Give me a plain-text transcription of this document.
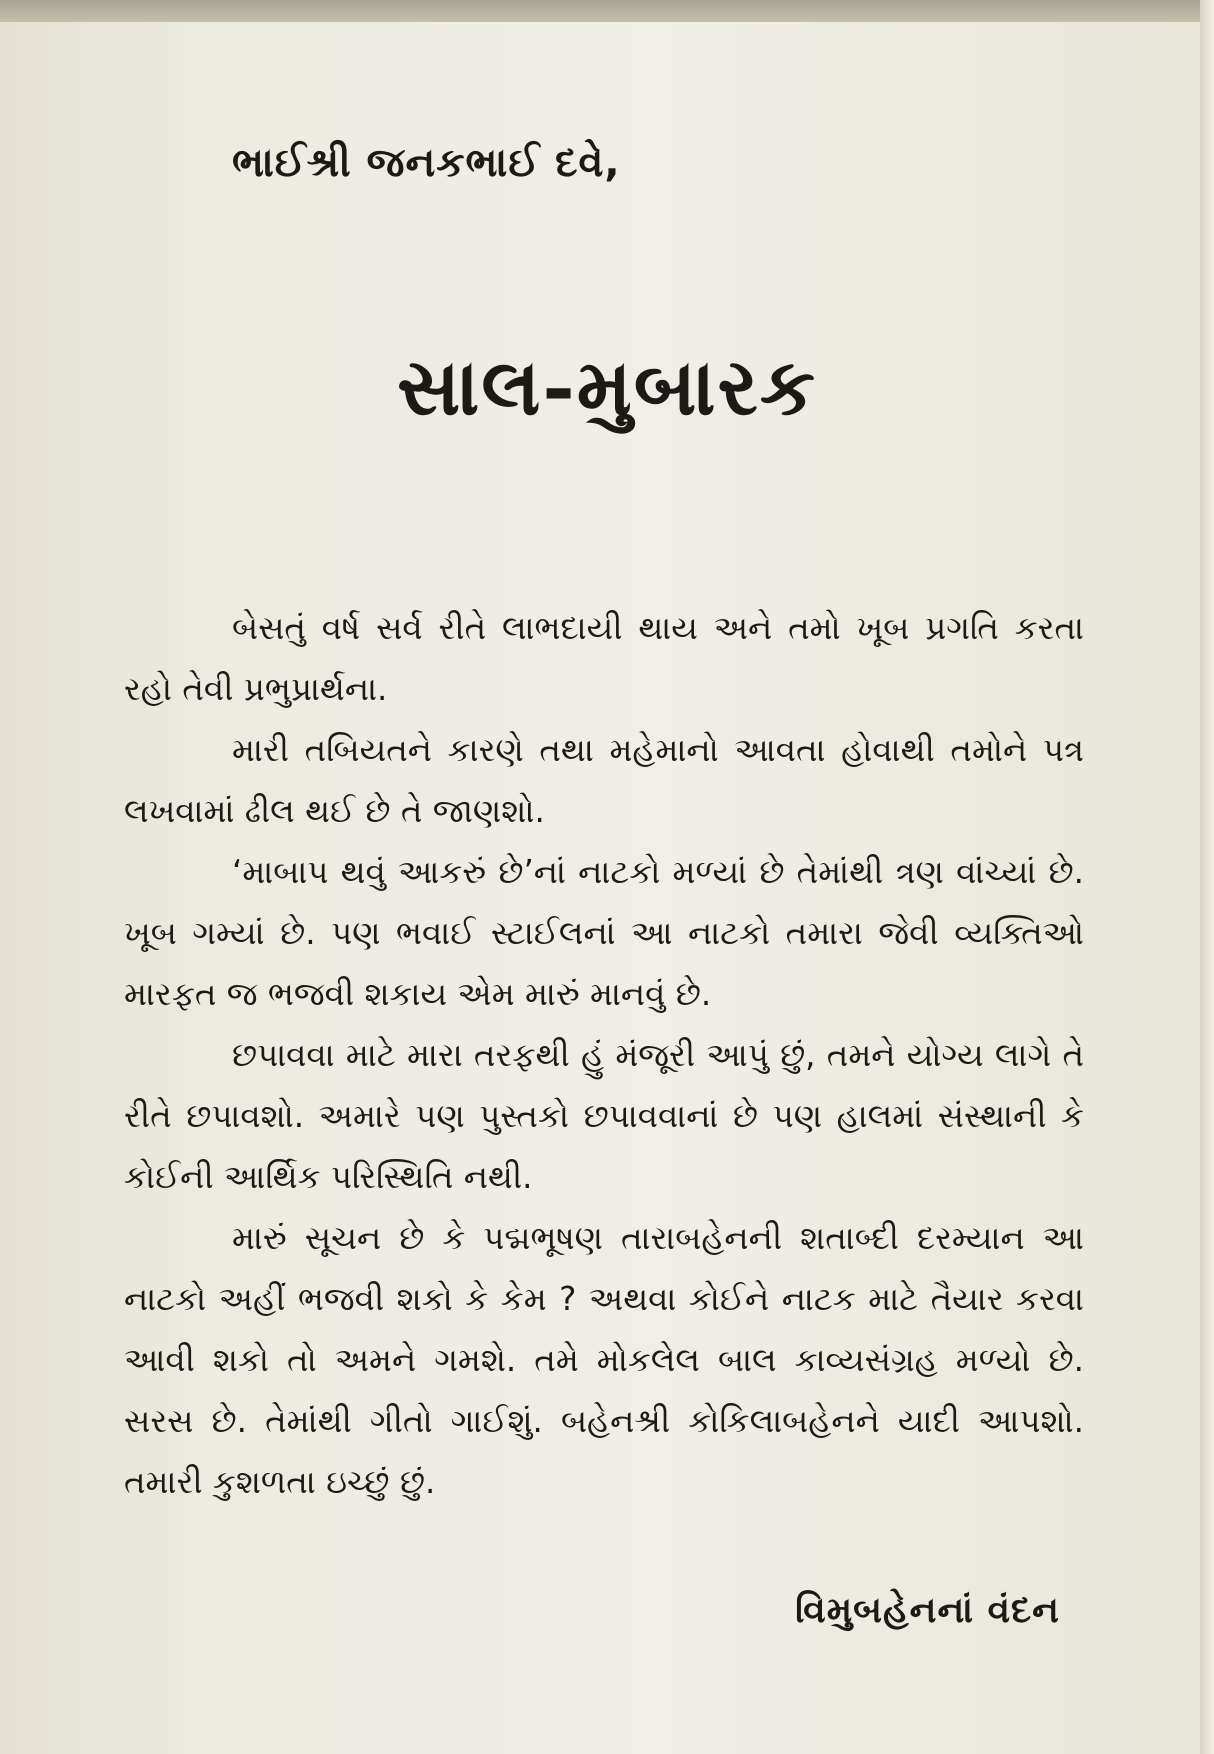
ભાઈશ્રી જનકભાઈ દવે,

સાલ-મુબારક

બેસતું વર્ષ સર્વ રીતે લાભદાયી થાય અને તમો ખૂબ પ્રગતિ કરતા રહો તેવી પ્રભુપ્રાર્થના.

મારી તબિયતને કારણે તથા મહેમાનો આવતા હોવાથી તમોને પત્ર લખવામાં ઢીલ થઈ છે તે જાણશો.

‘માબાપ થવું આકરું છે’નાં નાટકો મળ્યાં છે તેમાંથી ત્રણ વાંચ્યાં છે. ખૂબ ગમ્યાં છે. પણ ભવાઈ સ્ટાઈલનાં આ નાટકો તમારા જેવી વ્યક્તિઓ મારફત જ ભજવી શકાય એમ મારું માનવું છે.

છપાવવા માટે મારા તરફથી હું મંજૂરી આપું છું, તમને યોગ્ય લાગે તે રીતે છપાવશો. અમારે પણ પુસ્તકો છપાવવાનાં છે પણ હાલમાં સંસ્થાની કે કોઈની આર્થિક પરિસ્થિતિ નથી.

મારું સૂચન છે કે પદ્મભૂષણ તારાબહેનની શતાબ્દી દરમ્યાન આ નાટકો અહીં ભજવી શકો કે કેમ ? અથવા કોઈને નાટક માટે તૈયાર કરવા આવી શકો તો અમને ગમશે. તમે મોકલેલ બાલ કાવ્યસંગ્રહ મળ્યો છે. સરસ છે. તેમાંથી ગીતો ગાઈશું. બહેનશ્રી કોકિલાબહેનને યાદી આપશો. તમારી કુશળતા ઇચ્છું છું.

વિમુબહેનનાં વંદન
